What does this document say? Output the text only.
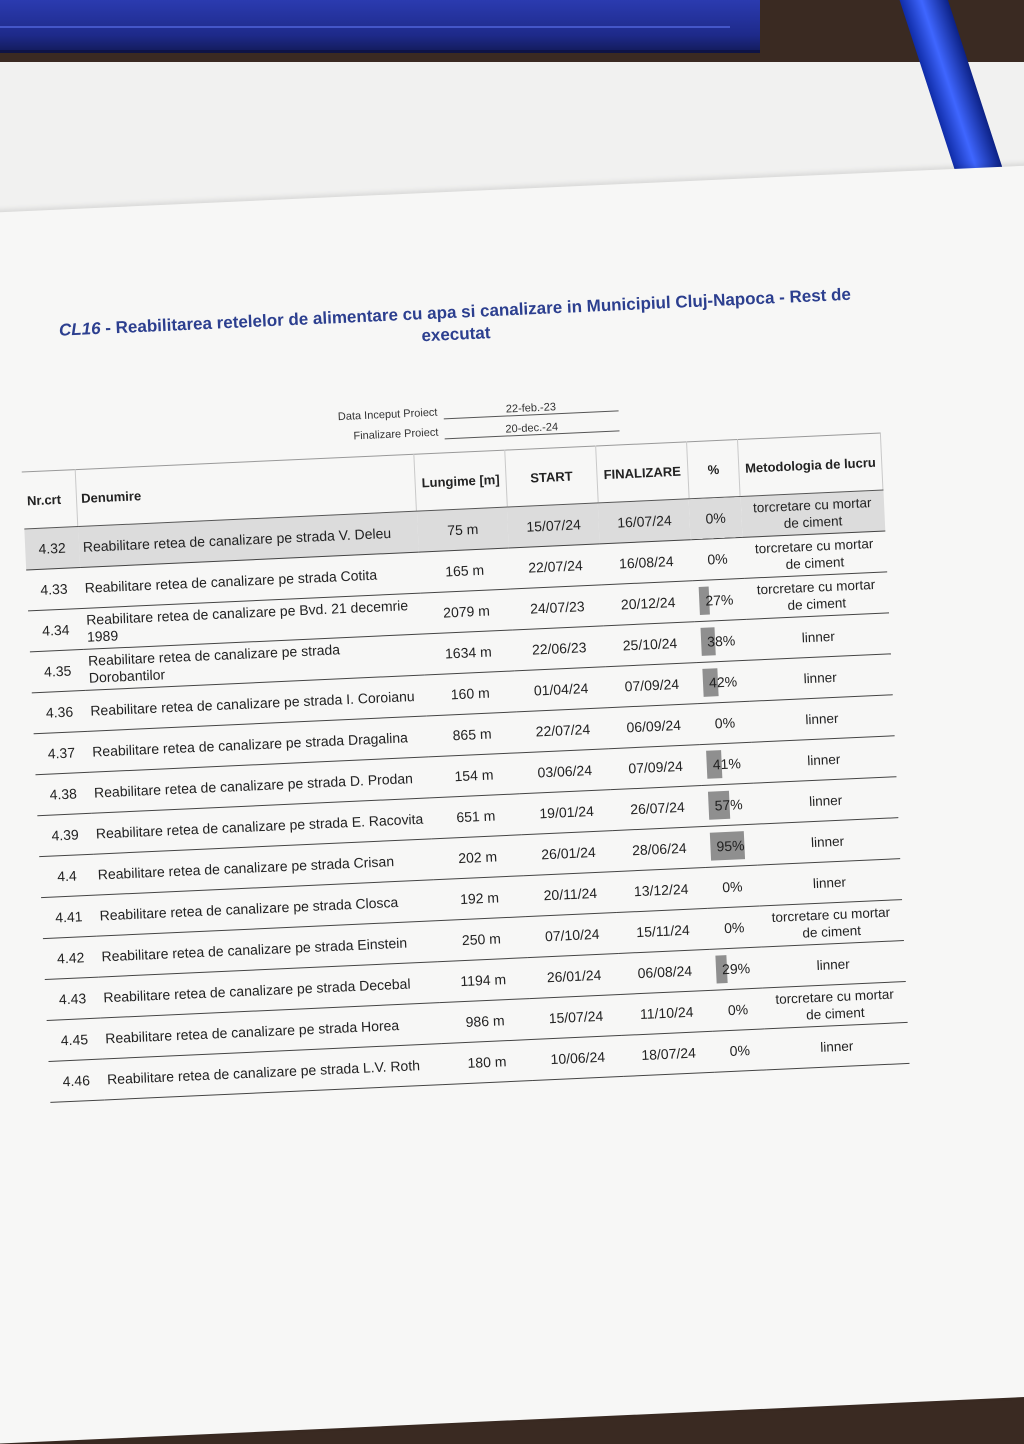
CL16 - Reabilitarea retelelor de alimentare cu apa si canalizare in Municipiul Cluj-Napoca - Rest de executat
Data Inceput Proiect	22-feb.-23
Finalizare Proiect	20-dec.-24
Nr.crt	Denumire	Lungime [m]	START	FINALIZARE	%	Metodologia de lucru
4.32	Reabilitare retea de canalizare pe strada V. Deleu	75 m	15/07/24	16/07/24	0%	torcretare cu mortar de ciment
4.33	Reabilitare retea de canalizare pe strada Cotita	165 m	22/07/24	16/08/24	0%	torcretare cu mortar de ciment
4.34	Reabilitare retea de canalizare pe Bvd. 21 decemrie 1989	2079 m	24/07/23	20/12/24	27%	torcretare cu mortar de ciment
4.35	Reabilitare retea de canalizare pe strada Dorobantilor	1634 m	22/06/23	25/10/24	38%	linner
4.36	Reabilitare retea de canalizare pe strada I. Coroianu	160 m	01/04/24	07/09/24	42%	linner
4.37	Reabilitare retea de canalizare pe strada Dragalina	865 m	22/07/24	06/09/24	0%	linner
4.38	Reabilitare retea de canalizare pe strada D. Prodan	154 m	03/06/24	07/09/24	41%	linner
4.39	Reabilitare retea de canalizare pe strada E. Racovita	651 m	19/01/24	26/07/24	57%	linner
4.4	Reabilitare retea de canalizare pe strada Crisan	202 m	26/01/24	28/06/24	95%	linner
4.41	Reabilitare retea de canalizare pe strada Closca	192 m	20/11/24	13/12/24	0%	linner
4.42	Reabilitare retea de canalizare pe strada Einstein	250 m	07/10/24	15/11/24	0%	torcretare cu mortar de ciment
4.43	Reabilitare retea de canalizare pe strada Decebal	1194 m	26/01/24	06/08/24	29%	linner
4.45	Reabilitare retea de canalizare pe strada Horea	986 m	15/07/24	11/10/24	0%	torcretare cu mortar de ciment
4.46	Reabilitare retea de canalizare pe strada L.V. Roth	180 m	10/06/24	18/07/24	0%	linner
